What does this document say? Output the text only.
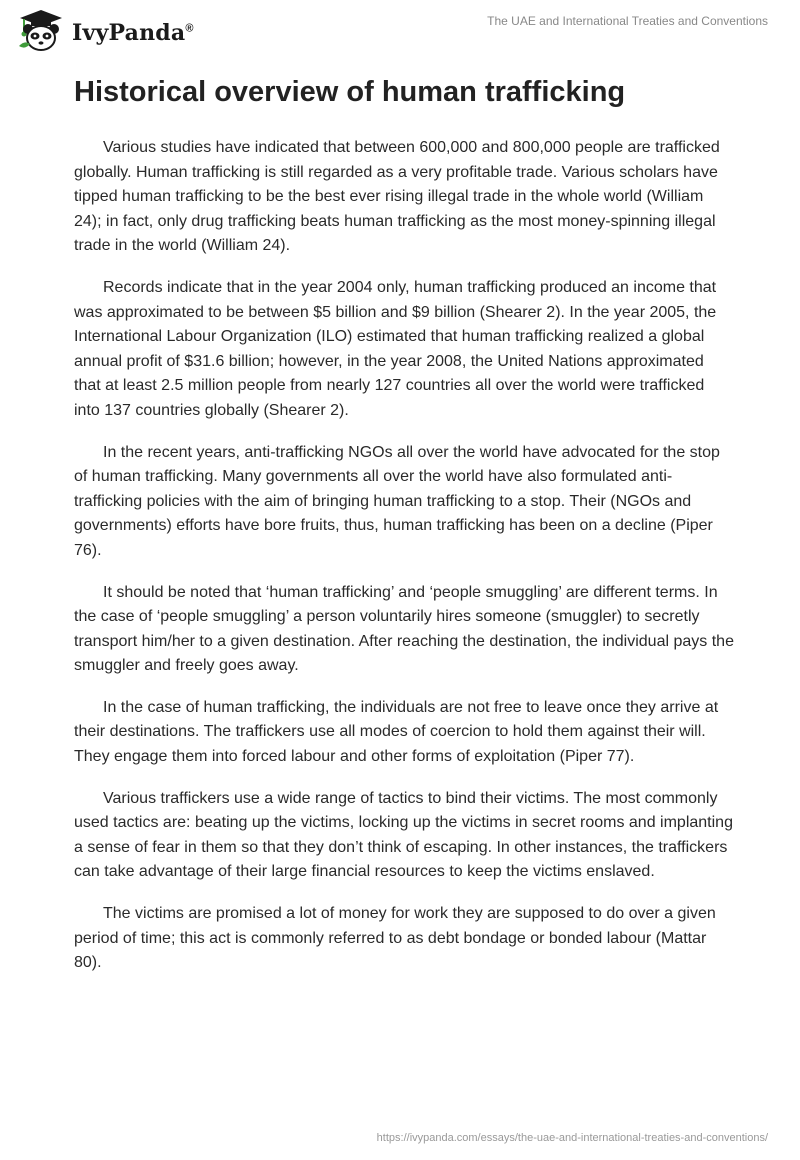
IvyPanda®
The UAE and International Treaties and Conventions
Historical overview of human trafficking

Various studies have indicated that between 600,000 and 800,000 people are trafficked globally. Human trafficking is still regarded as a very profitable trade. Various scholars have tipped human trafficking to be the best ever rising illegal trade in the whole world (William 24); in fact, only drug trafficking beats human trafficking as the most money-spinning illegal trade in the world (William 24).

Records indicate that in the year 2004 only, human trafficking produced an income that was approximated to be between $5 billion and $9 billion (Shearer 2). In the year 2005, the International Labour Organization (ILO) estimated that human trafficking realized a global annual profit of $31.6 billion; however, in the year 2008, the United Nations approximated that at least 2.5 million people from nearly 127 countries all over the world were trafficked into 137 countries globally (Shearer 2).

In the recent years, anti-trafficking NGOs all over the world have advocated for the stop of human trafficking. Many governments all over the world have also formulated anti-trafficking policies with the aim of bringing human trafficking to a stop. Their (NGOs and governments) efforts have bore fruits, thus, human trafficking has been on a decline (Piper 76).

It should be noted that ‘human trafficking’ and ‘people smuggling’ are different terms. In the case of ‘people smuggling’ a person voluntarily hires someone (smuggler) to secretly transport him/her to a given destination. After reaching the destination, the individual pays the smuggler and freely goes away.

In the case of human trafficking, the individuals are not free to leave once they arrive at their destinations. The traffickers use all modes of coercion to hold them against their will. They engage them into forced labour and other forms of exploitation (Piper 77).

Various traffickers use a wide range of tactics to bind their victims. The most commonly used tactics are: beating up the victims, locking up the victims in secret rooms and implanting a sense of fear in them so that they don’t think of escaping. In other instances, the traffickers can take advantage of their large financial resources to keep the victims enslaved.

The victims are promised a lot of money for work they are supposed to do over a given period of time; this act is commonly referred to as debt bondage or bonded labour (Mattar 80).

https://ivypanda.com/essays/the-uae-and-international-treaties-and-conventions/
